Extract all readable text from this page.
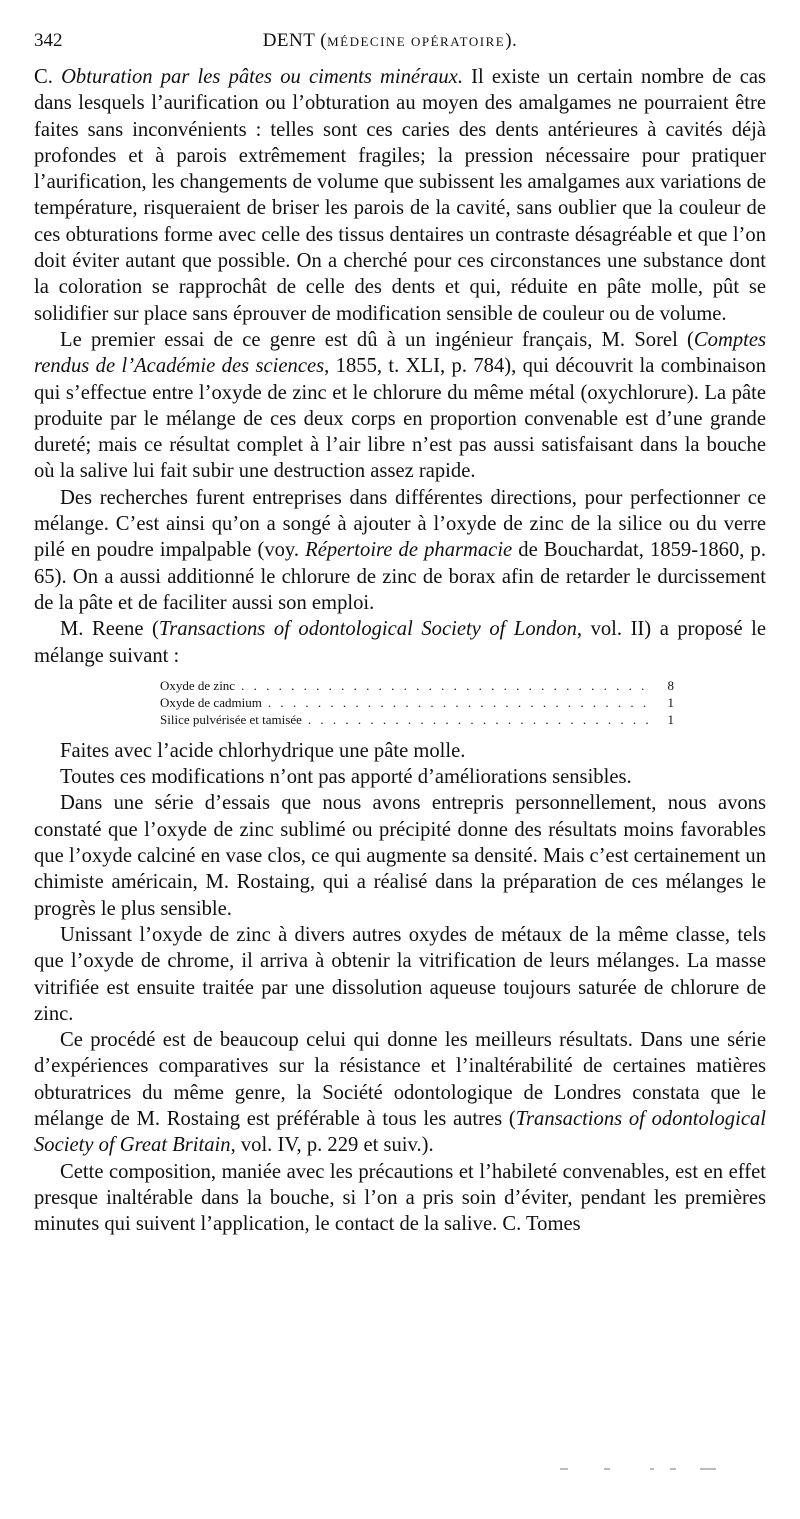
342	DENT (MÉDECINE OPÉRATOIRE).

C. Obturation par les pâtes ou ciments minéraux. Il existe un certain nombre de cas dans lesquels l’aurification ou l’obturation au moyen des amalgames ne pourraient être faites sans inconvénients : telles sont ces caries des dents antérieures à cavités déjà profondes et à parois extrêmement fragiles; la pression nécessaire pour pratiquer l’aurification, les changements de volume que subissent les amalgames aux variations de température, risqueraient de briser les parois de la cavité, sans oublier que la couleur de ces obturations forme avec celle des tissus dentaires un contraste désagréable et que l’on doit éviter autant que possible. On a cherché pour ces circonstances une substance dont la coloration se rapprochât de celle des dents et qui, réduite en pâte molle, pût se solidifier sur place sans éprouver de modification sensible de couleur ou de volume.

Le premier essai de ce genre est dû à un ingénieur français, M. Sorel (Comptes rendus de l’Académie des sciences, 1855, t. XLI, p. 784), qui découvrit la combinaison qui s’effectue entre l’oxyde de zinc et le chlorure du même métal (oxychlorure). La pâte produite par le mélange de ces deux corps en proportion convenable est d’une grande dureté; mais ce résultat complet à l’air libre n’est pas aussi satisfaisant dans la bouche où la salive lui fait subir une destruction assez rapide.

Des recherches furent entreprises dans différentes directions, pour perfectionner ce mélange. C’est ainsi qu’on a songé à ajouter à l’oxyde de zinc de la silice ou du verre pilé en poudre impalpable (voy. Répertoire de pharmacie de Bouchardat, 1859-1860, p. 65). On a aussi additionné le chlorure de zinc de borax afin de retarder le durcissement de la pâte et de faciliter aussi son emploi.

M. Reene (Transactions of odontological Society of London, vol. II) a proposé le mélange suivant :

Oxyde de zinc . . .	8
Oxyde de cadmium . . .	1
Silice pulvérisée et tamisée . . .	1

Faites avec l’acide chlorhydrique une pâte molle.

Toutes ces modifications n’ont pas apporté d’améliorations sensibles.

Dans une série d’essais que nous avons entrepris personnellement, nous avons constaté que l’oxyde de zinc sublimé ou précipité donne des résultats moins favorables que l’oxyde calciné en vase clos, ce qui augmente sa densité. Mais c’est certainement un chimiste américain, M. Rostaing, qui a réalisé dans la préparation de ces mélanges le progrès le plus sensible.

Unissant l’oxyde de zinc à divers autres oxydes de métaux de la même classe, tels que l’oxyde de chrome, il arriva à obtenir la vitrification de leurs mélanges. La masse vitrifiée est ensuite traitée par une dissolution aqueuse toujours saturée de chlorure de zinc.

Ce procédé est de beaucoup celui qui donne les meilleurs résultats. Dans une série d’expériences comparatives sur la résistance et l’inaltérabilité de certaines matières obturatrices du même genre, la Société odontologique de Londres constata que le mélange de M. Rostaing est préférable à tous les autres (Transactions of odontological Society of Great Britain, vol. IV, p. 229 et suiv.).

Cette composition, maniée avec les précautions et l’habileté convenables, est en effet presque inaltérable dans la bouche, si l’on a pris soin d’éviter, pendant les premières minutes qui suivent l’application, le contact de la salive. C. Tomes
